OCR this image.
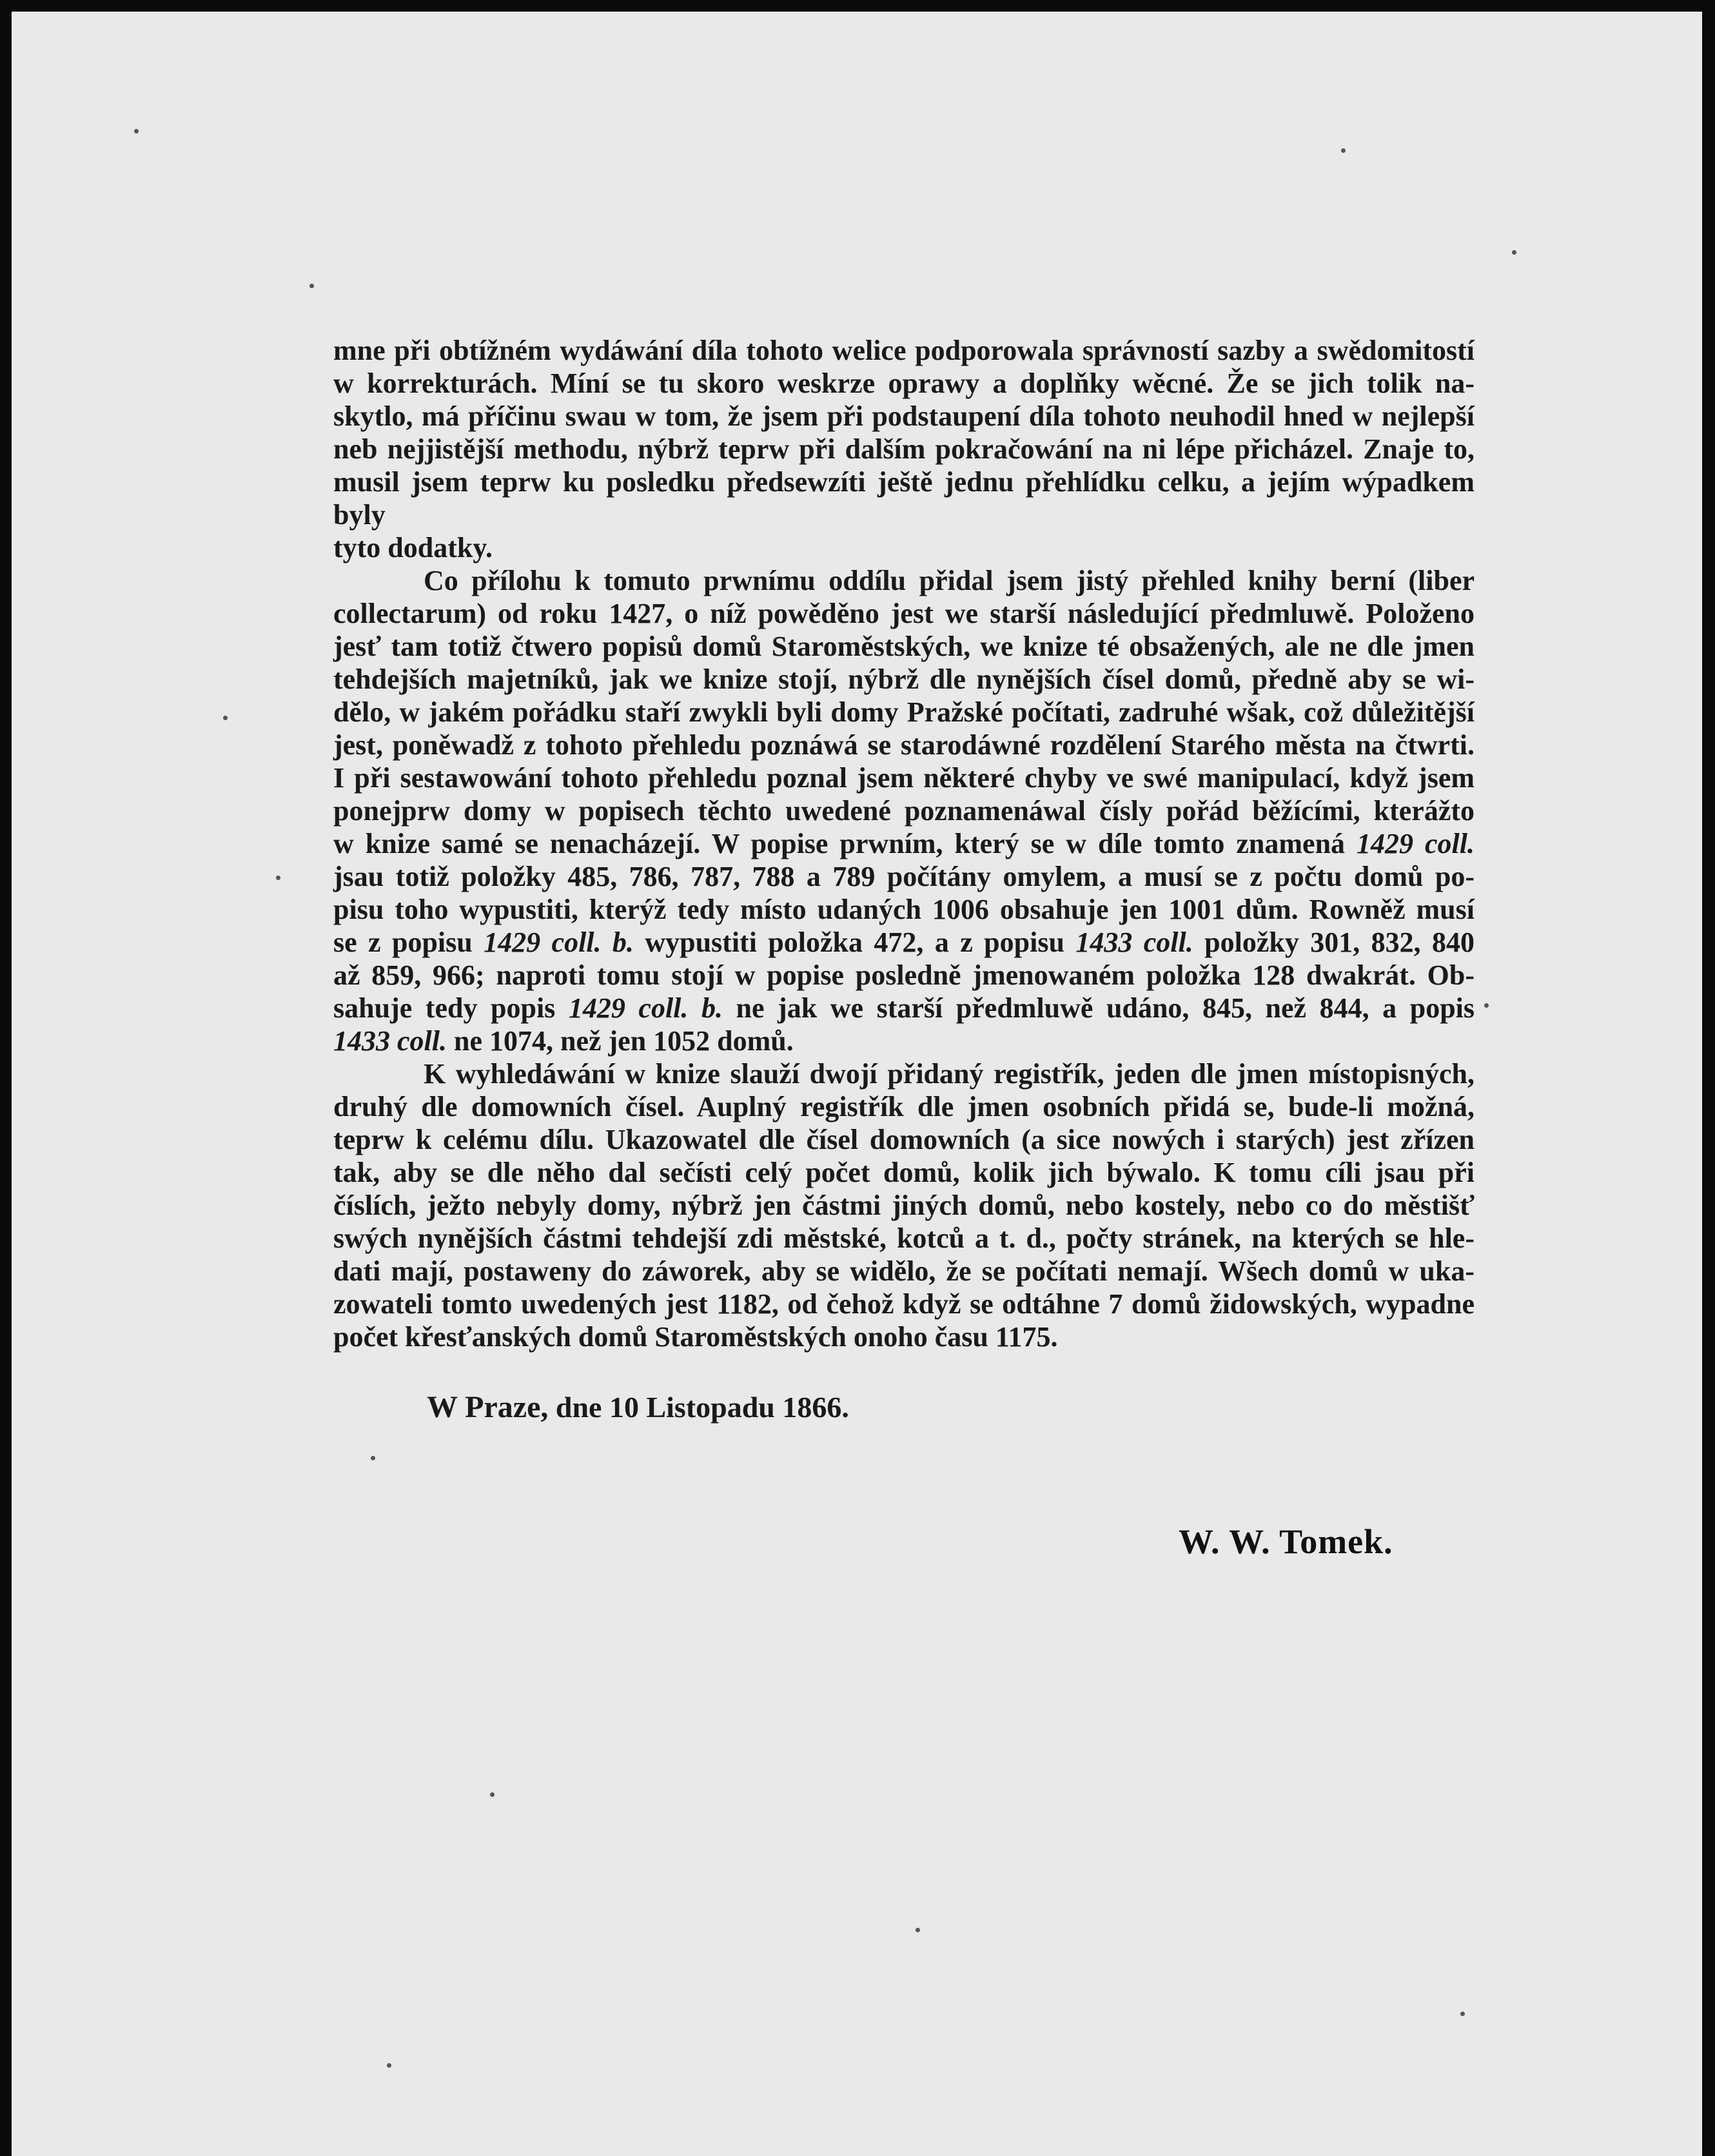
mne při obtížném wydáwání díla tohoto welice podporowala správností sazby a swědomitostí
w korrekturách. Míní se tu skoro weskrze oprawy a doplňky wěcné. Že se jich tolik na-
skytlo, má příčinu swau w tom, že jsem při podstaupení díla tohoto neuhodil hned w nejlepší
neb nejjistější methodu, nýbrž teprw při dalším pokračowání na ni lépe přicházel. Znaje to,
musil jsem teprw ku posledku předsewzíti ještě jednu přehlídku celku, a jejím wýpadkem byly
tyto dodatky.

Co přílohu k tomuto prwnímu oddílu přidal jsem jistý přehled knihy berní (liber
collectarum) od roku 1427, o níž powěděno jest we starší následující předmluwě. Položeno
jesť tam totiž čtwero popisů domů Staroměstských, we knize té obsažených, ale ne dle jmen
tehdejších majetníků, jak we knize stojí, nýbrž dle nynějších čísel domů, předně aby se wi-
dělo, w jakém pořádku staří zwykli byli domy Pražské počítati, zadruhé wšak, což důležitější
jest, poněwadž z tohoto přehledu poznáwá se starodáwné rozdělení Starého města na čtwrti.
I při sestawowání tohoto přehledu poznal jsem některé chyby ve swé manipulací, když jsem
ponejprw domy w popisech těchto uwedené poznamenáwal čísly pořád běžícími, kterážto
w knize samé se nenacházejí. W popise prwním, který se w díle tomto znamená 1429 coll.
jsau totiž položky 485, 786, 787, 788 a 789 počítány omylem, a musí se z počtu domů po-
pisu toho wypustiti, kterýž tedy místo udaných 1006 obsahuje jen 1001 dům. Rowněž musí
se z popisu 1429 coll. b. wypustiti položka 472, a z popisu 1433 coll. položky 301, 832, 840
až 859, 966; naproti tomu stojí w popise posledně jmenowaném položka 128 dwakrát. Ob-
sahuje tedy popis 1429 coll. b. ne jak we starší předmluwě udáno, 845, než 844, a popis
1433 coll. ne 1074, než jen 1052 domů.

K wyhledáwání w knize slauží dwojí přidaný registřík, jeden dle jmen místopisných,
druhý dle domowních čísel. Auplný registřík dle jmen osobních přidá se, bude-li možná,
teprw k celému dílu. Ukazowatel dle čísel domowních (a sice nowých i starých) jest zřízen
tak, aby se dle něho dal sečísti celý počet domů, kolik jich býwalo. K tomu cíli jsau při
číslích, ježto nebyly domy, nýbrž jen částmi jiných domů, nebo kostely, nebo co do městišť
swých nynějších částmi tehdejší zdi městské, kotců a t. d., počty stránek, na kterých se hle-
dati mají, postaweny do záworek, aby se widělo, že se počítati nemají. Wšech domů w uka-
zowateli tomto uwedených jest 1182, od čehož když se odtáhne 7 domů židowských, wypadne
počet křesťanských domů Staroměstských onoho času 1175.

W Praze, dne 10 Listopadu 1866.
W. W. Tomek.
